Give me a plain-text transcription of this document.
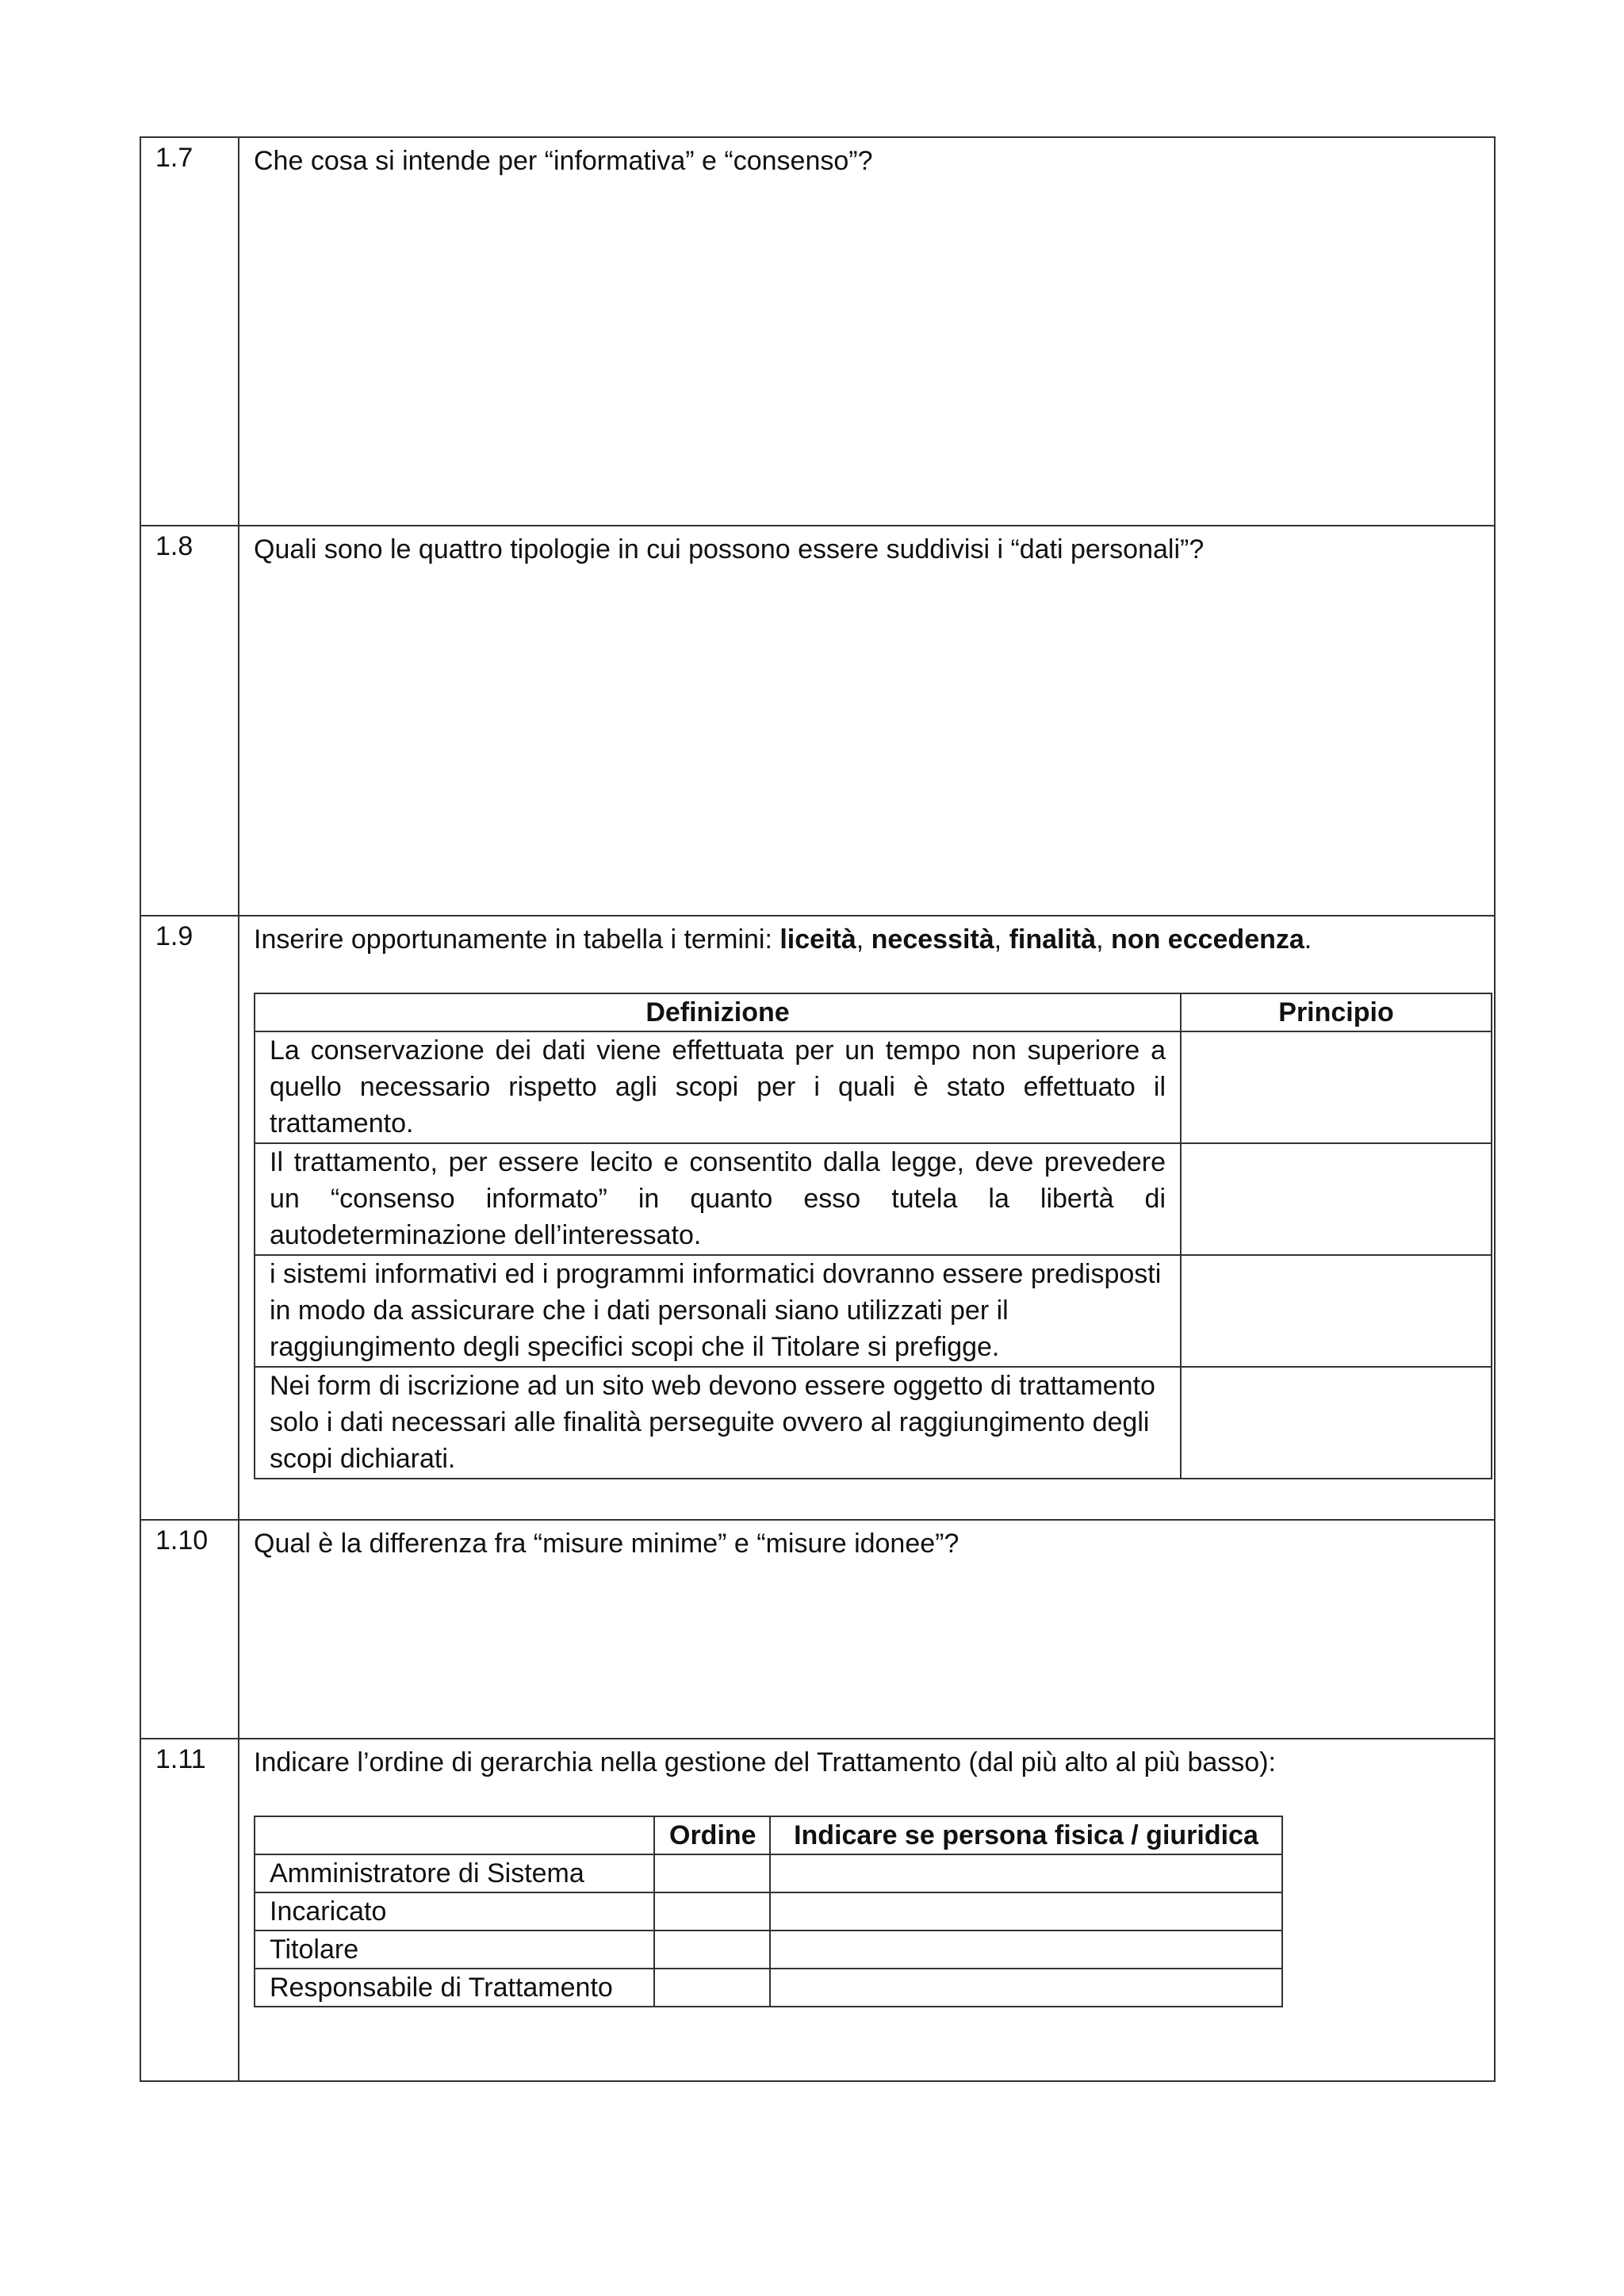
1.7	Che cosa si intende per “informativa” e “consenso”?

1.8	Quali sono le quattro tipologie in cui possono essere suddivisi i “dati personali”?

1.9	Inserire opportunamente in tabella i termini: liceità, necessità, finalità, non eccedenza.

Definizione	Principio
La conservazione dei dati viene effettuata per un tempo non superiore a quello necessario rispetto agli scopi per i quali è stato effettuato il trattamento.	
Il trattamento, per essere lecito e consentito dalla legge, deve prevedere un “consenso informato” in quanto esso tutela la libertà di autodeterminazione dell’interessato.	
i sistemi informativi ed i programmi informatici dovranno essere predisposti in modo da assicurare che i dati personali siano utilizzati per il raggiungimento degli specifici scopi che il Titolare si prefigge.	
Nei form di iscrizione ad un sito web devono essere oggetto di trattamento solo i dati necessari alle finalità perseguite ovvero al raggiungimento degli scopi dichiarati.	

1.10	Qual è la differenza fra “misure minime” e “misure idonee”?

1.11	Indicare l’ordine di gerarchia nella gestione del Trattamento (dal più alto al più basso):

	Ordine	Indicare se persona fisica / giuridica
Amministratore di Sistema		
Incaricato		
Titolare		
Responsabile di Trattamento		
